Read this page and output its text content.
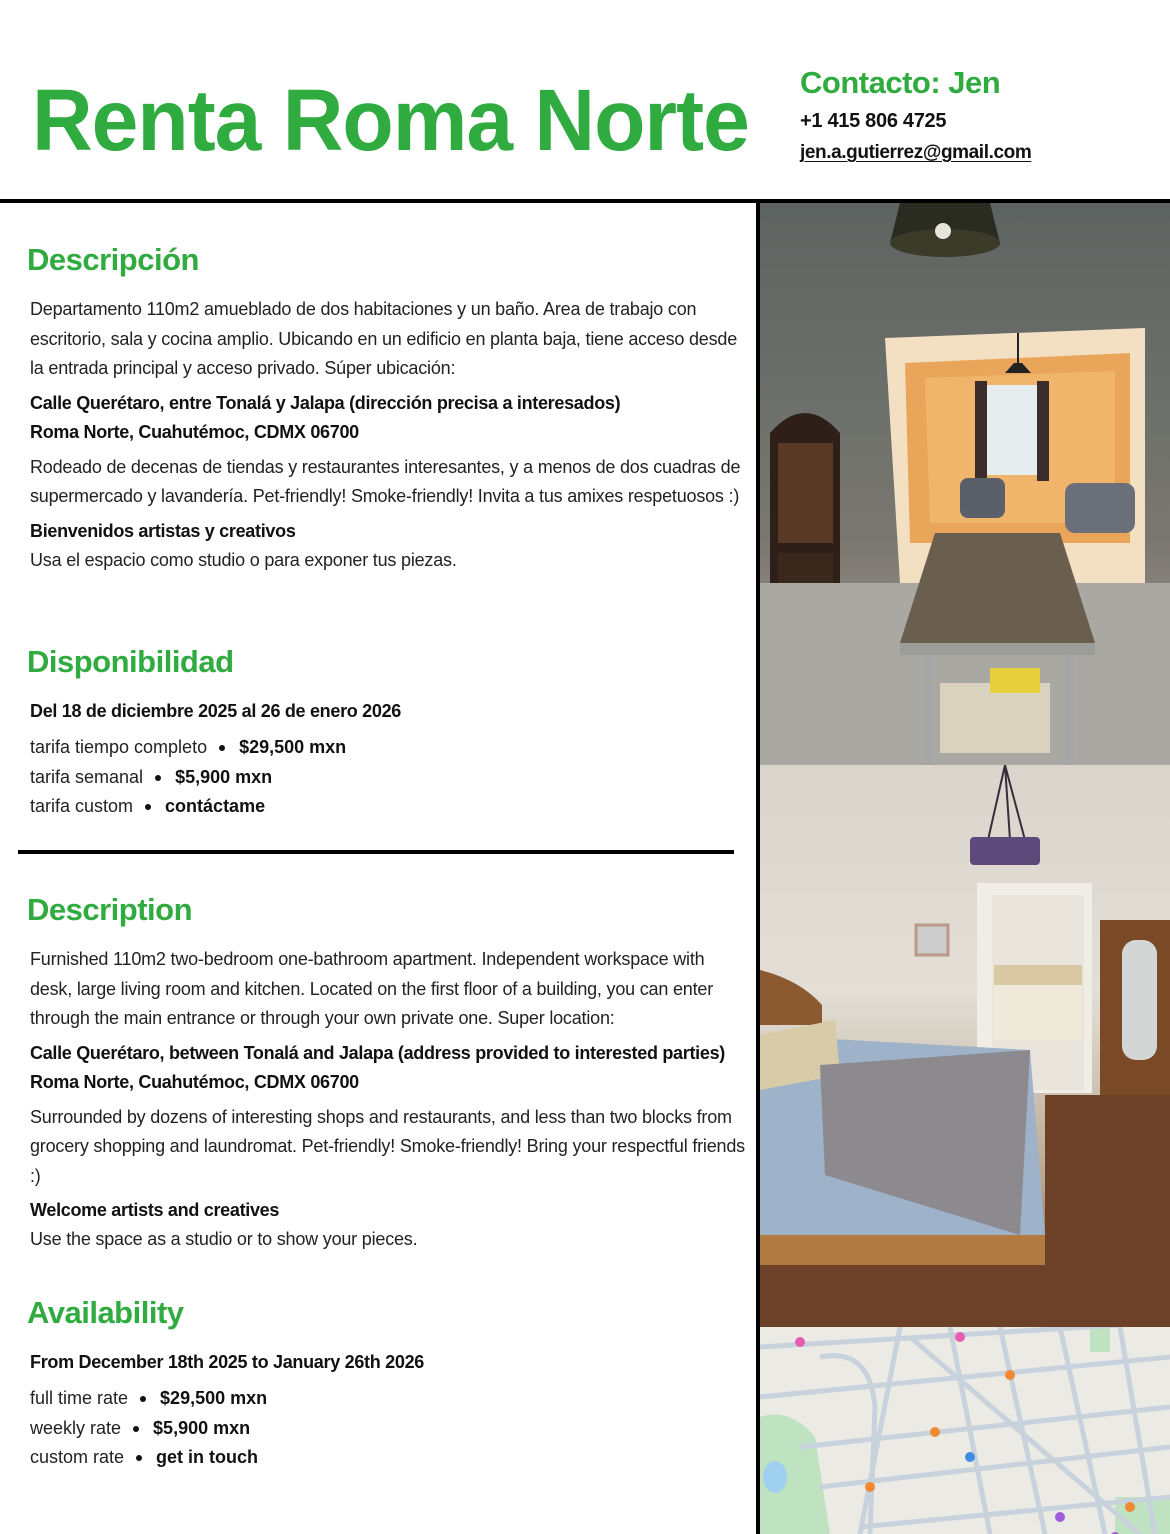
Renta Roma Norte Contacto: Jen
+1 415 806 4725
jen.a.gutierrez@gmail.com
Descripción
Departamento 110m2 amueblado de dos habitaciones y un baño. Area de trabajo con escritorio, sala y cocina amplio. Ubicando en un edificio en planta baja, tiene acceso desde la entrada principal y acceso privado. Súper ubicación:
Calle Querétaro, entre Tonalá y Jalapa (dirección precisa a interesados)
Roma Norte, Cuahutémoc, CDMX 06700
Rodeado de decenas de tiendas y restaurantes interesantes, y a menos de dos cuadras de supermercado y lavandería. Pet-friendly! Smoke-friendly! Invita a tus amixes respetuosos :)
Bienvenidos artistas y creativos
Usa el espacio como studio o para exponer tus piezas.
Disponibilidad
Del 18 de diciembre 2025 al 26 de enero 2026
tarifa tiempo completo $29,500 mxn
tarifa semanal $5,900 mxn
tarifa custom contáctame
Description
Furnished 110m2 two-bedroom one-bathroom apartment. Independent workspace with desk, large living room and kitchen. Located on the first floor of a building, you can enter through the main entrance or through your own private one. Super location:
Calle Querétaro, between Tonalá and Jalapa (address provided to interested parties)
Roma Norte, Cuahutémoc, CDMX 06700
Surrounded by dozens of interesting shops and restaurants, and less than two blocks from grocery shopping and laundromat. Pet-friendly! Smoke-friendly! Bring your respectful friends :)
Welcome artists and creatives
Use the space as a studio or to show your pieces.
Availability
From December 18th 2025 to January 26th 2026
full time rate $29,500 mxn
weekly rate $5,900 mxn
custom rate get in touch
